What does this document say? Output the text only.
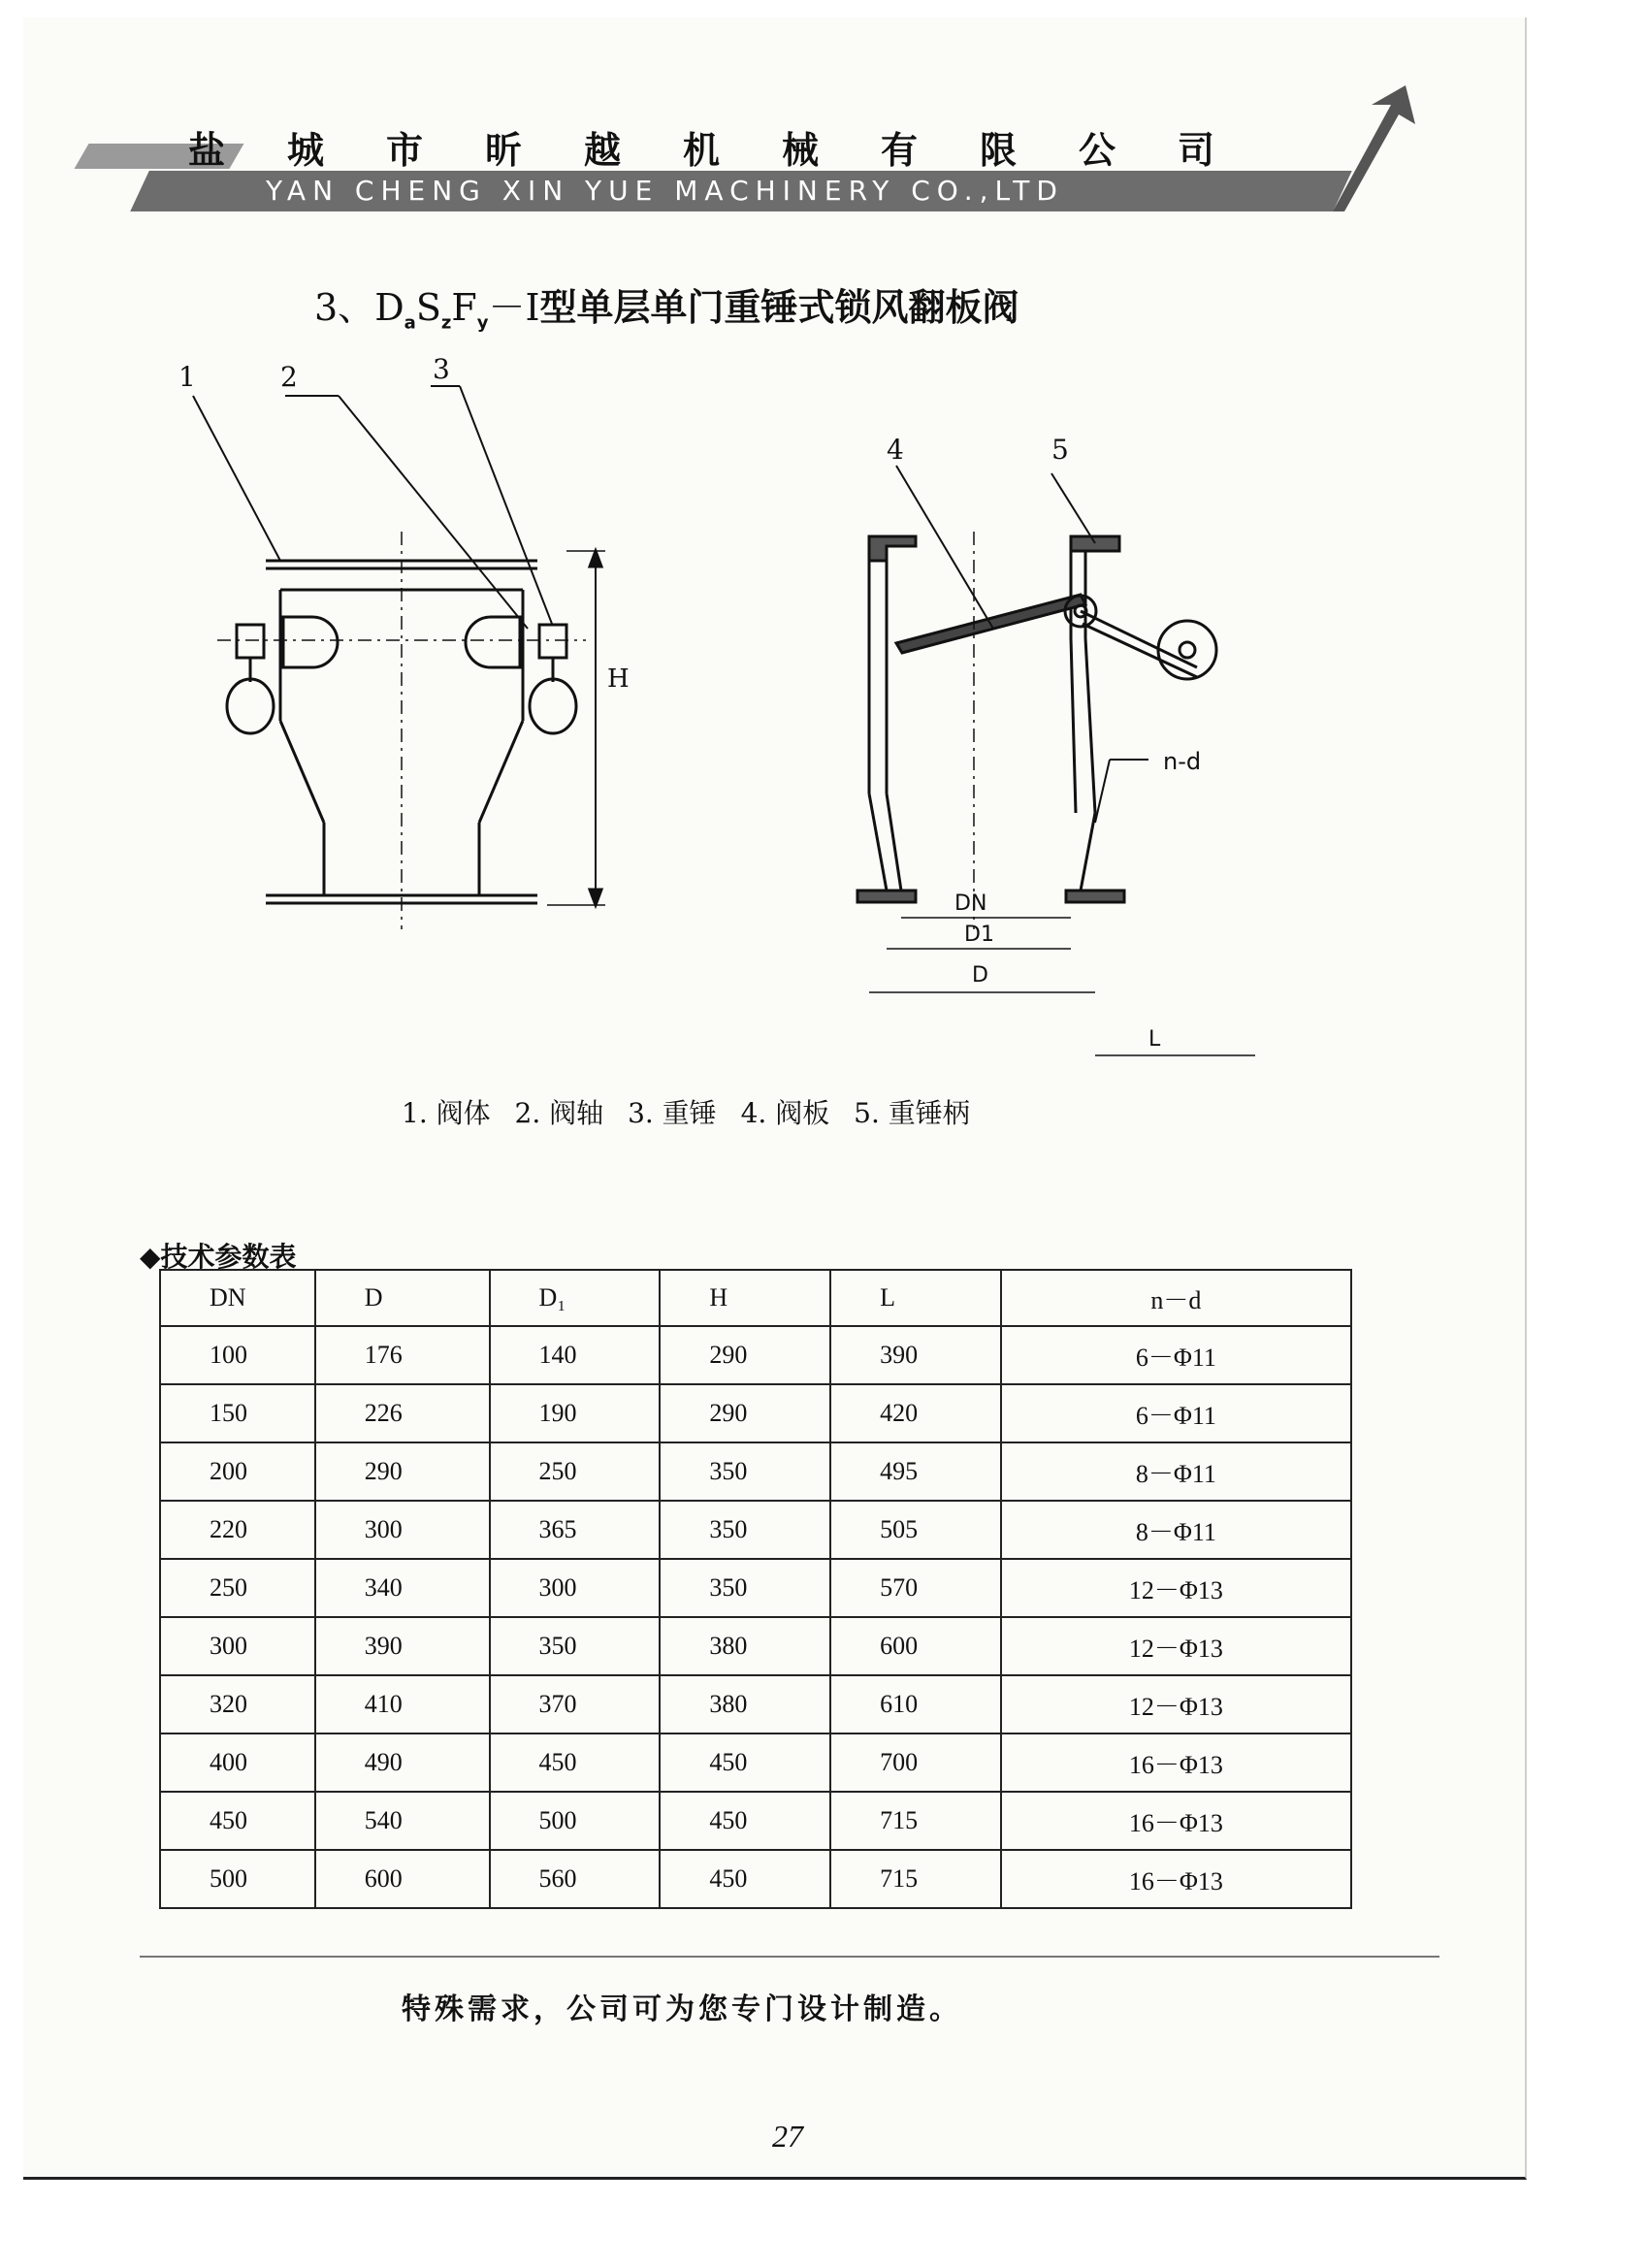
盐城市昕越机械有限公司
YAN CHENG XIN YUE MACHINERY CO.,LTD
3、$D_aS_zF_y-Ⅰ$型单层单门重锤式锁风翻板阀
H
1	2	3
DN
D1
D
L
n-d
4	5
1. 阀体 2. 阀轴 3. 重锤 4. 阀板 5. 重锤柄
◆技术参数表
DN	D	D₁	H	L	n－d
100	176	140	290	390	6－Φ11
150	226	190	290	420	6－Φ11
200	290	250	350	495	8－Φ11
220	300	365	350	505	8－Φ11
250	340	300	350	570	12－Φ13
300	390	350	380	600	12－Φ13
320	410	370	380	610	12－Φ13
400	490	450	450	700	16－Φ13
450	540	500	450	715	16－Φ13
500	600	560	450	715	16－Φ13
特殊需求，公司可为您专门设计制造。
27
